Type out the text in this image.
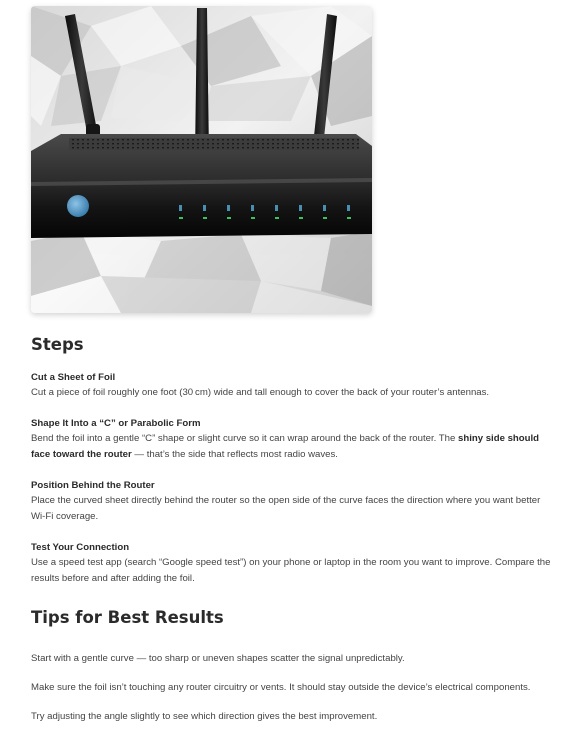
Steps
Cut a Sheet of Foil
Cut a piece of foil roughly one foot (30 cm) wide and tall enough to cover the back of your router’s antennas.
Shape It Into a “C” or Parabolic Form
Bend the foil into a gentle “C” shape or slight curve so it can wrap around the back of the router. The shiny side should face toward the router — that’s the side that reflects most radio waves.
Position Behind the Router
Place the curved sheet directly behind the router so the open side of the curve faces the direction where you want better Wi-Fi coverage.
Test Your Connection
Use a speed test app (search “Google speed test”) on your phone or laptop in the room you want to improve. Compare the results before and after adding the foil.
Tips for Best Results

Start with a gentle curve — too sharp or uneven shapes scatter the signal unpredictably.

Make sure the foil isn’t touching any router circuitry or vents. It should stay outside the device’s electrical components.

Try adjusting the angle slightly to see which direction gives the best improvement.
